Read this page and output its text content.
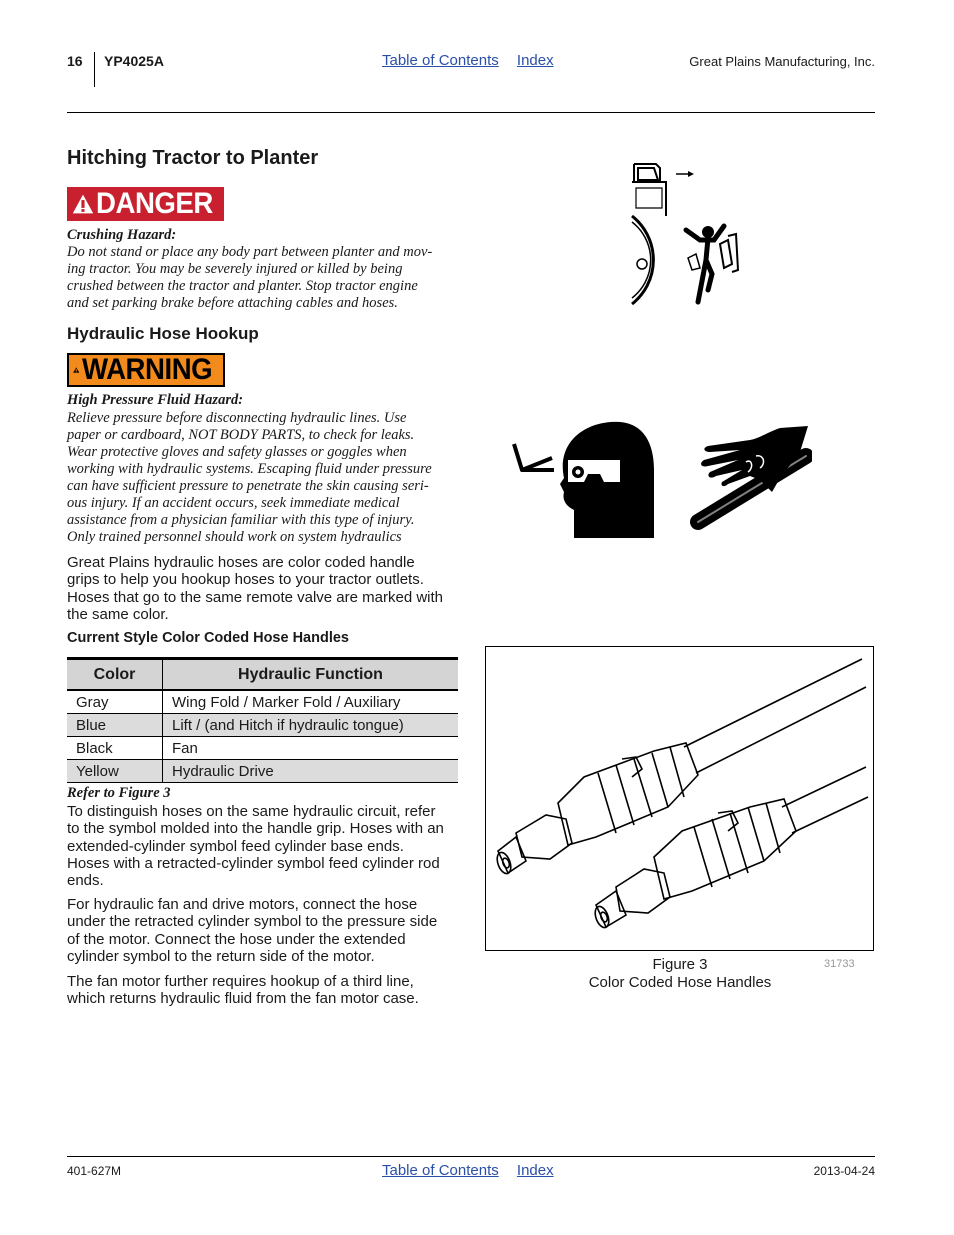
16 YP4025A	Table of Contents Index	Great Plains Manufacturing, Inc.
Hitching Tractor to Planter
DANGER
Crushing Hazard:
Do not stand or place any body part between planter and mov-
ing tractor. You may be severely injured or killed by being
crushed between the tractor and planter. Stop tractor engine
and set parking brake before attaching cables and hoses.
Hydraulic Hose Hookup
WARNING
High Pressure Fluid Hazard:
Relieve pressure before disconnecting hydraulic lines. Use
paper or cardboard, NOT BODY PARTS, to check for leaks.
Wear protective gloves and safety glasses or goggles when
working with hydraulic systems. Escaping fluid under pressure
can have sufficient pressure to penetrate the skin causing seri-
ous injury. If an accident occurs, seek immediate medical
assistance from a physician familiar with this type of injury.
Only trained personnel should work on system hydraulics
Great Plains hydraulic hoses are color coded handle
grips to help you hookup hoses to your tractor outlets.
Hoses that go to the same remote valve are marked with
the same color.
Current Style Color Coded Hose Handles
Color	Hydraulic Function
Gray	Wing Fold / Marker Fold / Auxiliary
Blue	Lift / (and Hitch if hydraulic tongue)
Black	Fan
Yellow	Hydraulic Drive
Refer to Figure 3
To distinguish hoses on the same hydraulic circuit, refer
to the symbol molded into the handle grip. Hoses with an
extended-cylinder symbol feed cylinder base ends.
Hoses with a retracted-cylinder symbol feed cylinder rod
ends.
For hydraulic fan and drive motors, connect the hose
under the retracted cylinder symbol to the pressure side
of the motor. Connect the hose under the extended
cylinder symbol to the return side of the motor.
The fan motor further requires hookup of a third line,
which returns hydraulic fluid from the fan motor case.
Figure 3
Color Coded Hose Handles
31733
401-627M	Table of Contents Index	2013-04-24
